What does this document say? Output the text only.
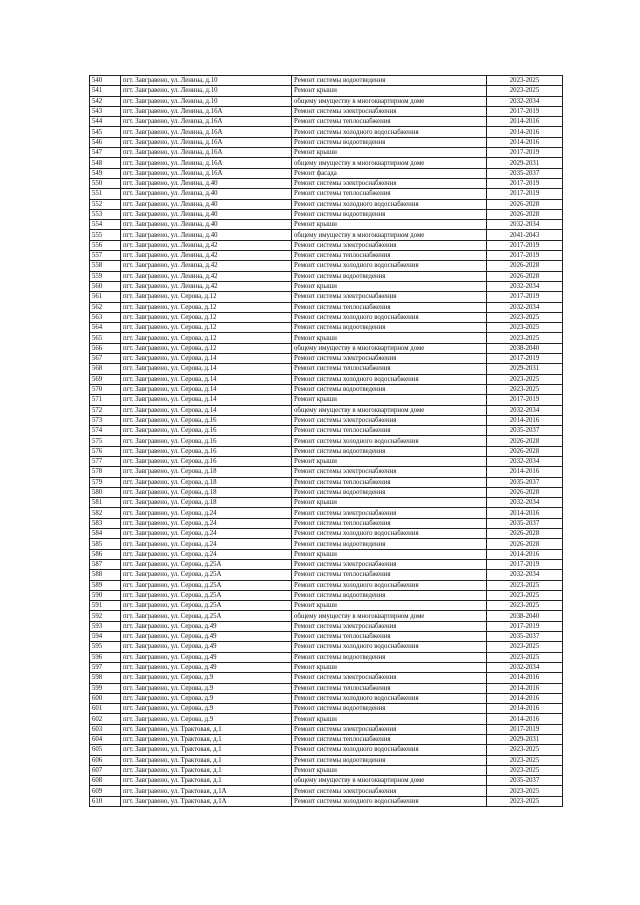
540	пгт. Завгравено, ул. Ленина, д.10	Ремонт системы водоотведения	2023-2025
541	пгт. Завгравено, ул. Ленина, д.10	Ремонт крыши	2023-2025
542	пгт. Завгравено, ул. Ленина, д.10	общему имуществу в многоквартирном доме	2032-2034
543	пгт. Завгравено, ул. Ленина, д.16А	Ремонт системы электроснабжения	2017-2019
544	пгт. Завгравено, ул. Ленина, д.16А	Ремонт системы теплоснабжения	2014-2016
545	пгт. Завгравено, ул. Ленина, д.16А	Ремонт системы холодного водоснабжения	2014-2016
546	пгт. Завгравено, ул. Ленина, д.16А	Ремонт системы водоотведения	2014-2016
547	пгт. Завгравено, ул. Ленина, д.16А	Ремонт крыши	2017-2019
548	пгт. Завгравено, ул. Ленина, д.16А	общему имуществу в многоквартирном доме	2029-2031
549	пгт. Завгравено, ул. Ленина, д.16А	Ремонт фасада	2035-2037
550	пгт. Завгравено, ул. Ленина, д.40	Ремонт системы электроснабжения	2017-2019
551	пгт. Завгравено, ул. Ленина, д.40	Ремонт системы теплоснабжения	2017-2019
552	пгт. Завгравено, ул. Ленина, д.40	Ремонт системы холодного водоснабжения	2026-2028
553	пгт. Завгравено, ул. Ленина, д.40	Ремонт системы водоотведения	2026-2028
554	пгт. Завгравено, ул. Ленина, д.40	Ремонт крыши	2032-2034
555	пгт. Завгравено, ул. Ленина, д.40	общему имуществу в многоквартирном доме	2041-2043
556	пгт. Завгравено, ул. Ленина, д.42	Ремонт системы электроснабжения	2017-2019
557	пгт. Завгравено, ул. Ленина, д.42	Ремонт системы теплоснабжения	2017-2019
558	пгт. Завгравено, ул. Ленина, д.42	Ремонт системы холодного водоснабжения	2026-2028
559	пгт. Завгравено, ул. Ленина, д.42	Ремонт системы водоотведения	2026-2028
560	пгт. Завгравено, ул. Ленина, д.42	Ремонт крыши	2032-2034
561	пгт. Завгравено, ул. Серова, д.12	Ремонт системы электроснабжения	2017-2019
562	пгт. Завгравено, ул. Серова, д.12	Ремонт системы теплоснабжения	2032-2034
563	пгт. Завгравено, ул. Серова, д.12	Ремонт системы холодного водоснабжения	2023-2025
564	пгт. Завгравено, ул. Серова, д.12	Ремонт системы водоотведения	2023-2025
565	пгт. Завгравено, ул. Серова, д.12	Ремонт крыши	2023-2025
566	пгт. Завгравено, ул. Серова, д.12	общему имуществу в многоквартирном доме	2038-2040
567	пгт. Завгравено, ул. Серова, д.14	Ремонт системы электроснабжения	2017-2019
568	пгт. Завгравено, ул. Серова, д.14	Ремонт системы теплоснабжения	2029-2031
569	пгт. Завгравено, ул. Серова, д.14	Ремонт системы холодного водоснабжения	2023-2025
570	пгт. Завгравено, ул. Серова, д.14	Ремонт системы водоотведения	2023-2025
571	пгт. Завгравено, ул. Серова, д.14	Ремонт крыши	2017-2019
572	пгт. Завгравено, ул. Серова, д.14	общему имуществу в многоквартирном доме	2032-2034
573	пгт. Завгравено, ул. Серова, д.16	Ремонт системы электроснабжения	2014-2016
574	пгт. Завгравено, ул. Серова, д.16	Ремонт системы теплоснабжения	2035-2037
575	пгт. Завгравено, ул. Серова, д.16	Ремонт системы холодного водоснабжения	2026-2028
576	пгт. Завгравено, ул. Серова, д.16	Ремонт системы водоотведения	2026-2028
577	пгт. Завгравено, ул. Серова, д.16	Ремонт крыши	2032-2034
578	пгт. Завгравено, ул. Серова, д.18	Ремонт системы электроснабжения	2014-2016
579	пгт. Завгравено, ул. Серова, д.18	Ремонт системы теплоснабжения	2035-2037
580	пгт. Завгравено, ул. Серова, д.18	Ремонт системы водоотведения	2026-2028
581	пгт. Завгравено, ул. Серова, д.18	Ремонт крыши	2032-2034
582	пгт. Завгравено, ул. Серова, д.24	Ремонт системы электроснабжения	2014-2016
583	пгт. Завгравено, ул. Серова, д.24	Ремонт системы теплоснабжения	2035-2037
584	пгт. Завгравено, ул. Серова, д.24	Ремонт системы холодного водоснабжения	2026-2028
585	пгт. Завгравено, ул. Серова, д.24	Ремонт системы водоотведения	2026-2028
586	пгт. Завгравено, ул. Серова, д.24	Ремонт крыши	2014-2016
587	пгт. Завгравено, ул. Серова, д.25А	Ремонт системы электроснабжения	2017-2019
588	пгт. Завгравено, ул. Серова, д.25А	Ремонт системы теплоснабжения	2032-2034
589	пгт. Завгравено, ул. Серова, д.25А	Ремонт системы холодного водоснабжения	2023-2025
590	пгт. Завгравено, ул. Серова, д.25А	Ремонт системы водоотведения	2023-2025
591	пгт. Завгравено, ул. Серова, д.25А	Ремонт крыши	2023-2025
592	пгт. Завгравено, ул. Серова, д.25А	общему имуществу в многоквартирном доме	2038-2040
593	пгт. Завгравено, ул. Серова, д.49	Ремонт системы электроснабжения	2017-2019
594	пгт. Завгравено, ул. Серова, д.49	Ремонт системы теплоснабжения	2035-2037
595	пгт. Завгравено, ул. Серова, д.49	Ремонт системы холодного водоснабжения	2023-2025
596	пгт. Завгравено, ул. Серова, д.49	Ремонт системы водоотведения	2023-2025
597	пгт. Завгравено, ул. Серова, д.49	Ремонт крыши	2032-2034
598	пгт. Завгравено, ул. Серова, д.9	Ремонт системы электроснабжения	2014-2016
599	пгт. Завгравено, ул. Серова, д.9	Ремонт системы теплоснабжения	2014-2016
600	пгт. Завгравено, ул. Серова, д.9	Ремонт системы холодного водоснабжения	2014-2016
601	пгт. Завгравено, ул. Серова, д.9	Ремонт системы водоотведения	2014-2016
602	пгт. Завгравено, ул. Серова, д.9	Ремонт крыши	2014-2016
603	пгт. Завгравено, ул. Трактовая, д.1	Ремонт системы электроснабжения	2017-2019
604	пгт. Завгравено, ул. Трактовая, д.1	Ремонт системы теплоснабжения	2029-2031
605	пгт. Завгравено, ул. Трактовая, д.1	Ремонт системы холодного водоснабжения	2023-2025
606	пгт. Завгравено, ул. Трактовая, д.1	Ремонт системы водоотведения	2023-2025
607	пгт. Завгравено, ул. Трактовая, д.1	Ремонт крыши	2023-2025
608	пгт. Завгравено, ул. Трактовая, д.1	общему имуществу в многоквартирном доме	2035-2037
609	пгт. Завгравено, ул. Трактовая, д.1А	Ремонт системы электроснабжения	2023-2025
610	пгт. Завгравено, ул. Трактовая, д.1А	Ремонт системы холодного водоснабжения	2023-2025
